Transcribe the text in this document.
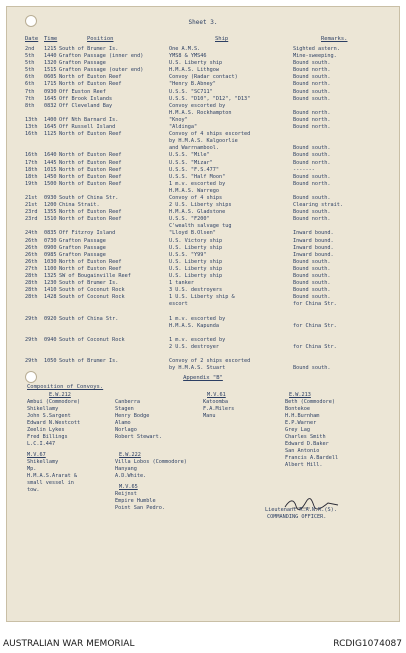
Sheet 3.
Date Time	Position	Ship	Remarks.
2nd	1215 South of Brumer Is.	One A.M.S.	Sighted astern.
5th	1440 Grafton Passage (inner end)	YMS8 & YMS46	Mine-sweeping.
5th	1320 Grafton Passage	U.S. Liberty ship	Bound south.
5th	1515 Grafton Passage (outer end)	H.M.A.S. Lithgow	Bound north.
6th	0605 North of Euston Reef	Convoy (Radar contact)	Bound south.
6th	1715 North of Euston Reef	"Henry B.Abney"	Bound north.
7th	0930 Off Euston Reef	U.S.S. "SC711"	Bound south.
7th	1645 Off Brook Islands	U.S.S. "D10", "D12", "D13"	Bound south.
8th	0832 Off Cleveland Bay	Convoy escorted by
H.M.A.S. Rockhampton	Bound north.
13th	1400 Off Nth Barnard Is.	"Knoy"	Bound north.
13th	1645 Off Russell Island	"Aldinga"	Bound north.
16th	1125 North of Euston Reef	Convoy of 4 ships escorted
by H.M.A.S. Kalgoorlie
and Warrnambool.	Bound south.
16th	1640 North of Euston Reef	U.S.S. "Mile"	Bound south.
17th	1445 North of Euston Reef	U.S.S. "Mizar"	Bound north.
18th	1015 North of Euston Reef	U.S.S. "F.S.477"	-------
18th	1450 North of Euston Reef	U.S.S. "Half Moon"	Bound south.
19th	1500 North of Euston Reef	1 m.v. escorted by	Bound north.
H.M.A.S. Warrego
21st	0930 South of China Str.	Convoy of 4 ships	Bound south.
21st	1200 China Strait.	2 U.S. Liberty ships	Clearing strait.
23rd	1355 North of Euston Reef	H.M.A.S. Gladstone	Bound south.
23rd	1510 North of Euston Reef	U.S.S. "F200"	Bound north.
C'wealth salvage tug
24th	0835 Off Fitzroy Island	"Lloyd B.Olsen"	Inward bound.
26th	0730 Grafton Passage	U.S. Victory ship	Inward bound.
26th	0900 Grafton Passage	U.S. Liberty ship	Inward bound.
26th	0985 Grafton Passage	U.S.S. "Y99"	Inward bound.
26th	1030 North of Euston Reef	U.S. Liberty ship	Bound south.
27th	1100 North of Euston Reef	U.S. Liberty ship	Bound south.
28th	1325 SW of Bougainville Reef	U.S. Liberty ship	Bound south.
28th	1230 South of Brumer Is.	1 tanker	Bound south.
28th	1410 South of Coconut Rock	3 U.S. destroyers	Bound south.
28th	1428 South of Coconut Rock	1 U.S. Liberty ship &	Bound south.
escort	for China Str.
29th	0920 South of China Str.	1 m.v. escorted by
H.M.A.S. Kapunda	for China Str.
29th	0940 South of Coconut Rock	1 m.v. escorted by
2 U.S. destroyer	for China Str.
29th	1050 South of Brumer Is.	Convoy of 2 ships escorted
by H.M.A.S. Stuart	Bound south.
Appendix "B"
Composition of Convoys.
E.W.212
Ambui (Commodore)
Shikellamy
John S.Sargent
Edward N.Westcott
Zeelin Lykes
Fred Billings
L.C.I.447
Canberra
Stagen
Henry Bodge
Alamo
Norlago
Robert Stewart.
M.V.61
Katoomba
F.A.Milers
Manu
E.W.213
Beth (Commodore)
Bontekoe
H.H.Burnham
E.P.Warner
Grey Lag
Charles Smith
Edward D.Baker
San Antonio
Francis A.Bardell
Albert Hill.
M.V.67
Shikellamy
Mp.
H.M.A.S.Ararat &
small vessel in
tow.
E.W.222
Villa Lobos (Commodore)
Hanyang
A.D.White.
M.V.65
Reijnst
Empire Humble
Point San Pedro.	Lieutenant R.A.N.R.(S).
COMMANDING OFFICER.
AUSTRALIAN WAR MEMORIAL	RCDIG1074087
